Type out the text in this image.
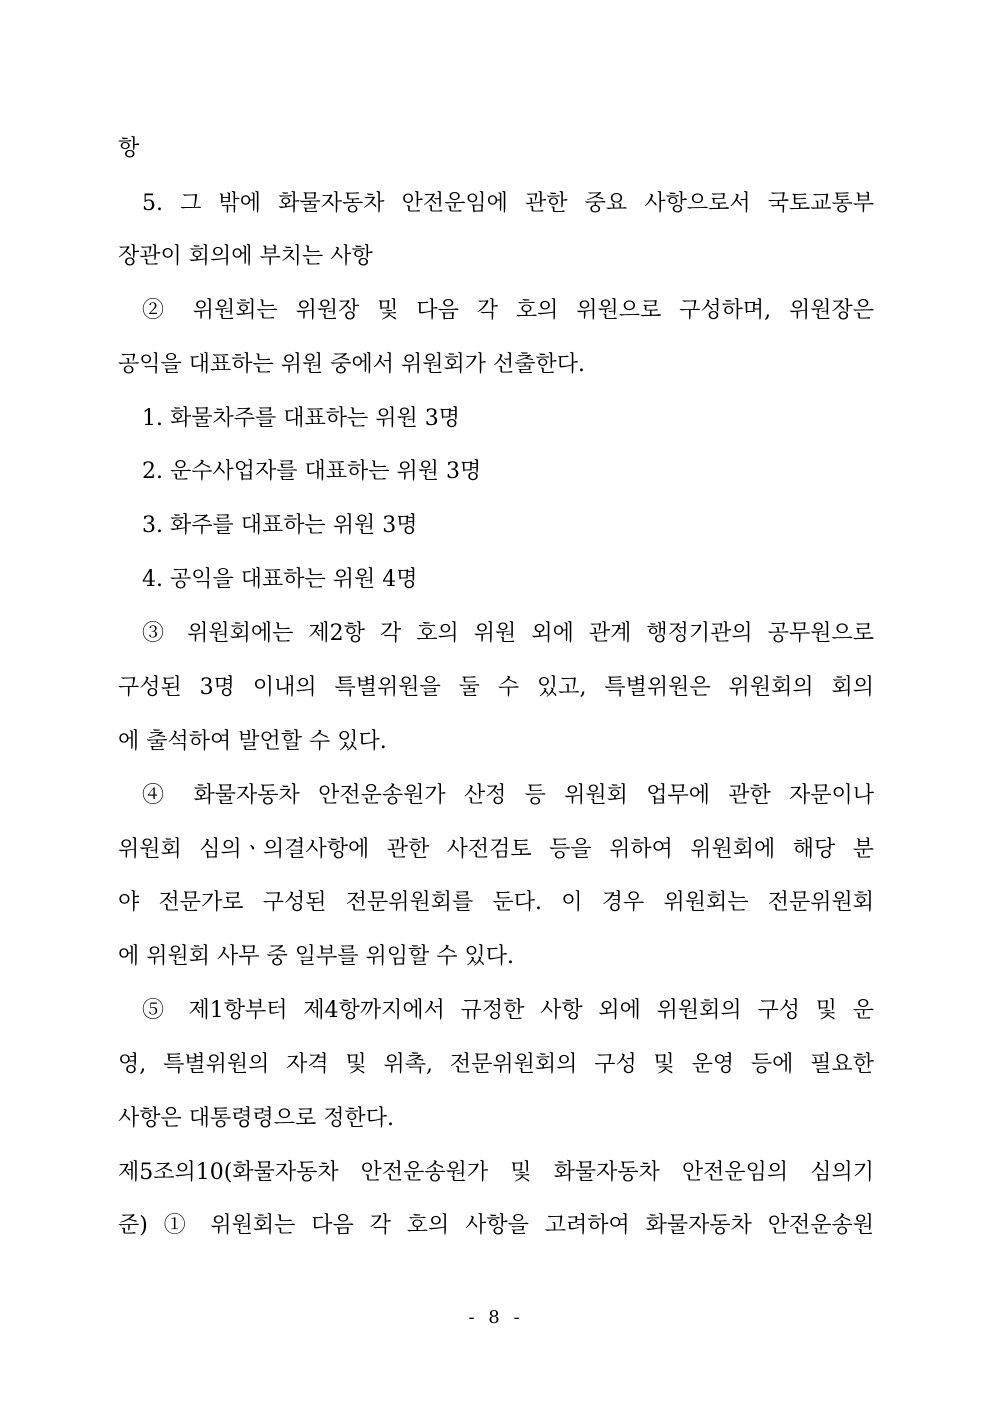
항
5. 그 밖에 화물자동차 안전운임에 관한 중요 사항으로서 국토교통부
장관이 회의에 부치는 사항
② 위원회는 위원장 및 다음 각 호의 위원으로 구성하며, 위원장은
공익을 대표하는 위원 중에서 위원회가 선출한다.
1. 화물차주를 대표하는 위원 3명
2. 운수사업자를 대표하는 위원 3명
3. 화주를 대표하는 위원 3명
4. 공익을 대표하는 위원 4명
③ 위원회에는 제2항 각 호의 위원 외에 관계 행정기관의 공무원으로
구성된 3명 이내의 특별위원을 둘 수 있고, 특별위원은 위원회의 회의
에 출석하여 발언할 수 있다.
④ 화물자동차 안전운송원가 산정 등 위원회 업무에 관한 자문이나
위원회 심의ㆍ의결사항에 관한 사전검토 등을 위하여 위원회에 해당 분
야 전문가로 구성된 전문위원회를 둔다. 이 경우 위원회는 전문위원회
에 위원회 사무 중 일부를 위임할 수 있다.
⑤ 제1항부터 제4항까지에서 규정한 사항 외에 위원회의 구성 및 운
영, 특별위원의 자격 및 위촉, 전문위원회의 구성 및 운영 등에 필요한
사항은 대통령령으로 정한다.
제5조의10(화물자동차 안전운송원가 및 화물자동차 안전운임의 심의기
준) ① 위원회는 다음 각 호의 사항을 고려하여 화물자동차 안전운송원
- 8 -
